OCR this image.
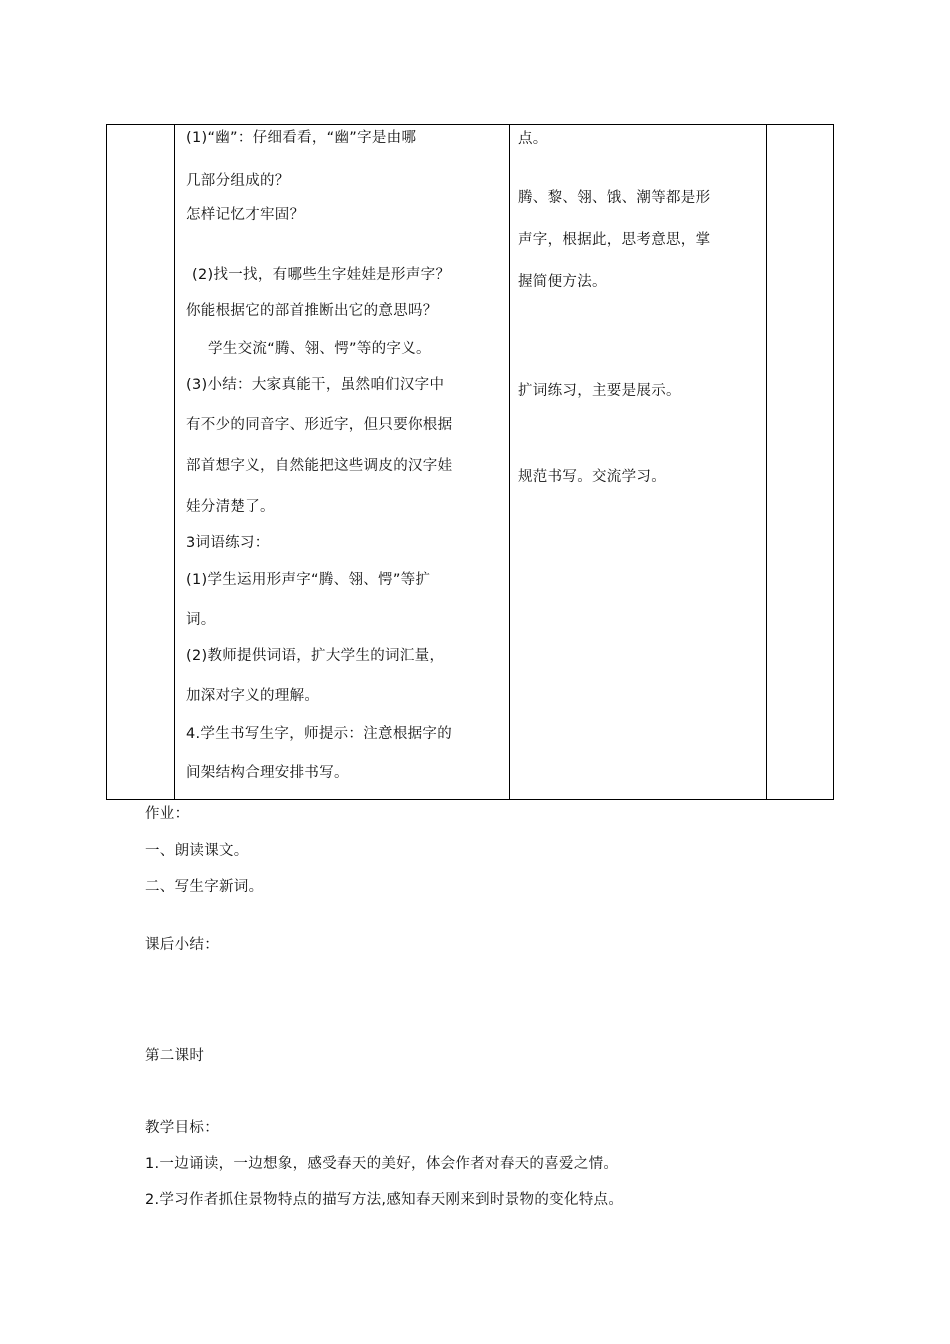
(1)“幽”：仔细看看，“幽”字是由哪
几部分组成的？
怎样记忆才牢固？
(2)找一找，有哪些生字娃娃是形声字？
你能根据它的部首推断出它的意思吗？
学生交流“腾、翎、愕”等的字义。
(3)小结：大家真能干，虽然咱们汉字中
有不少的同音字、形近字，但只要你根据
部首想字义，自然能把这些调皮的汉字娃
娃分清楚了。
3词语练习：
(1)学生运用形声字“腾、翎、愕”等扩
词。
(2)教师提供词语，扩大学生的词汇量，
加深对字义的理解。
4.学生书写生字，师提示：注意根据字的
间架结构合理安排书写。
点。
腾、黎、翎、饿、潮等都是形
声字，根据此，思考意思，掌
握简便方法。
扩词练习，主要是展示。
规范书写。交流学习。
作业：
一、朗读课文。
二、写生字新词。
课后小结：
第二课时
教学目标：
1.一边诵读，一边想象，感受春天的美好，体会作者对春天的喜爱之情。
2.学习作者抓住景物特点的描写方法,感知春天刚来到时景物的变化特点。
